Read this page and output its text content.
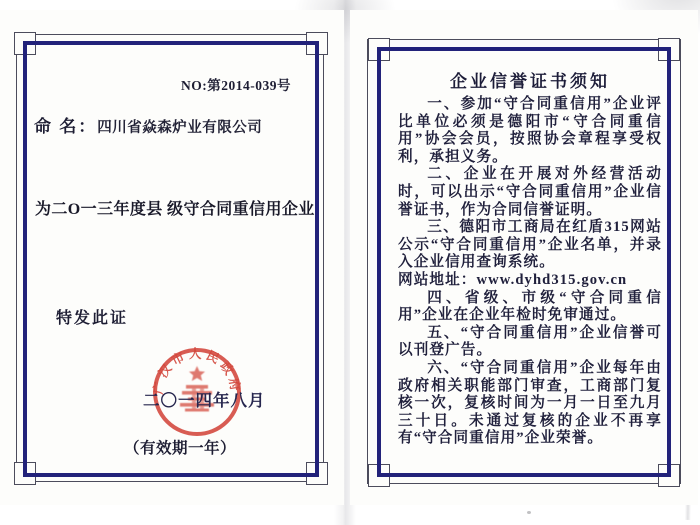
NO:第2014-039号
命 名：四川省焱森炉业有限公司
为二O一三年度县 级守合同重信用企业
特发此证
广汉市人民政府
二〇一四年八月
（有效期一年）
企业信誉证书须知

一、参加“守合同重信用”企业评比单位必须是德阳市“守合同重信用”协会会员，按照协会章程享受权利，承担义务。

二、企业在开展对外经营活动时，可以出示“守合同重信用”企业信誉证书，作为合同信誉证明。

三、德阳市工商局在红盾315网站公示“守合同重信用”企业名单，并录入企业信用查询系统。

网站地址：www.dyhd315.gov.cn

四、省级、市级“守合同重信用”企业在企业年检时免审通过。

五、“守合同重信用”企业信誉可以刊登广告。

六、“守合同重信用”企业每年由政府相关职能部门审查，工商部门复核一次，复核时间为一月一日至九月三十日。未通过复核的企业不再享有“守合同重信用”企业荣誉。
